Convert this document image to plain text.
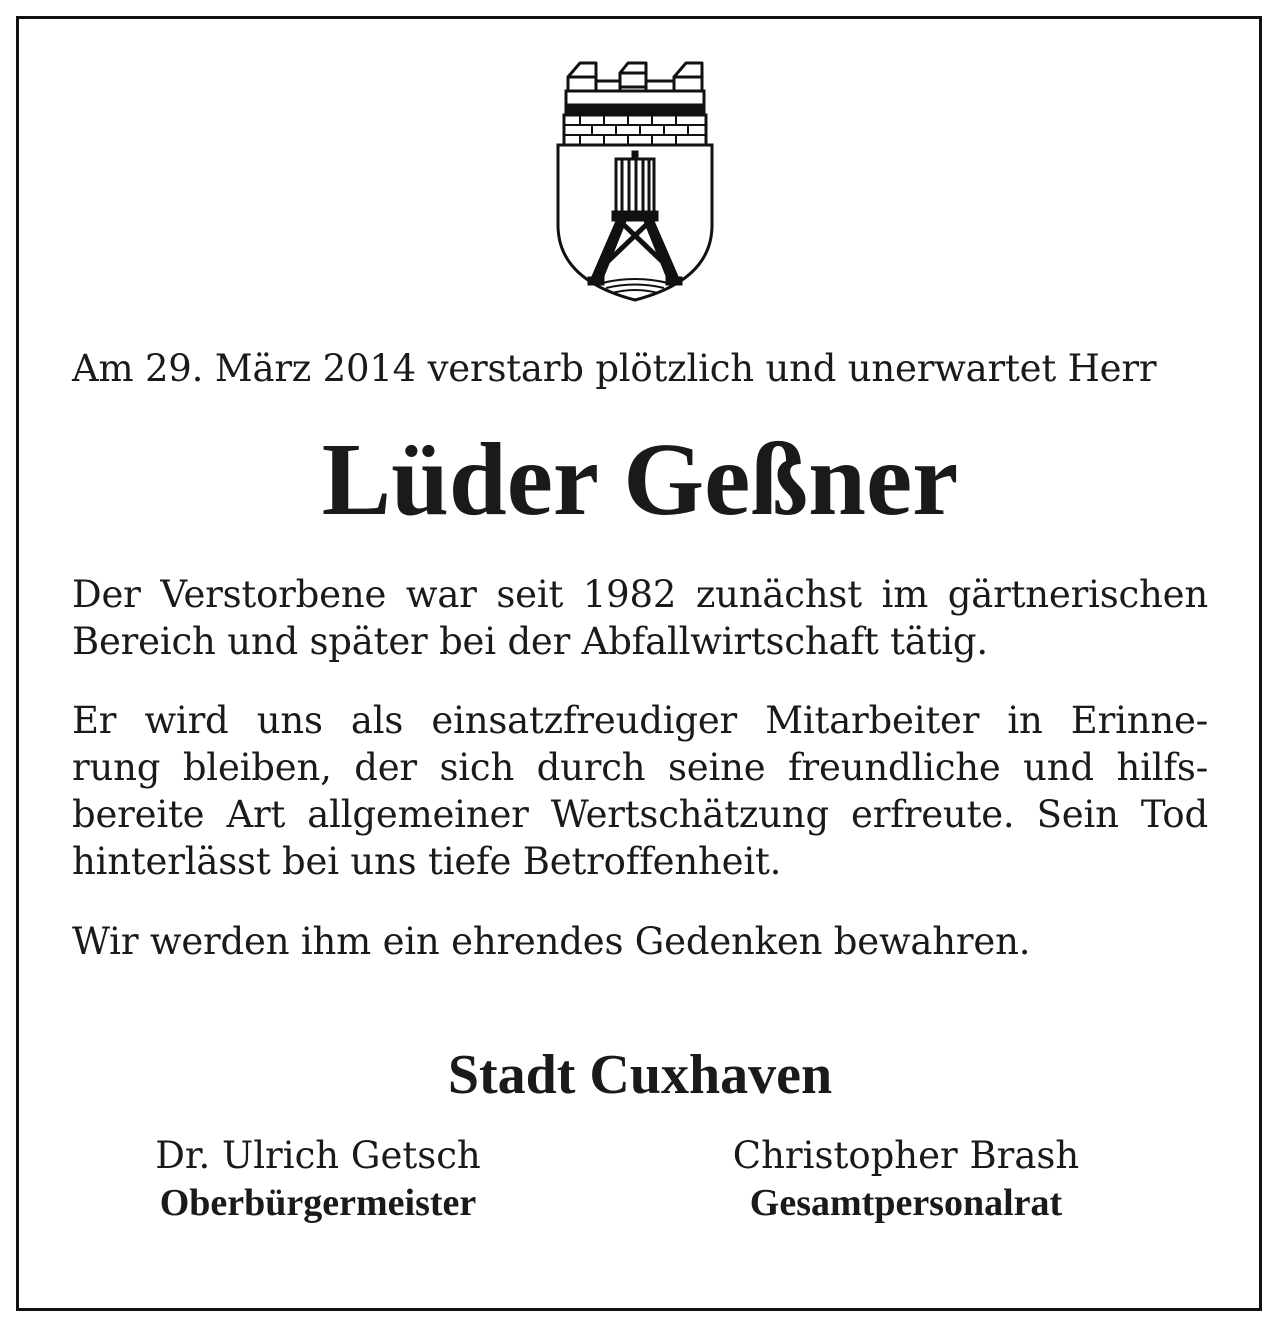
Am 29. März 2014 verstarb plötzlich und unerwartet Herr
Lüder Geßner
Der Verstorbene war seit 1982 zunächst im gärtnerischen
Bereich und später bei der Abfallwirtschaft tätig.
Er wird uns als einsatzfreudiger Mitarbeiter in Erinne-
rung bleiben, der sich durch seine freundliche und hilfs-
bereite Art allgemeiner Wertschätzung erfreute. Sein Tod
hinterlässt bei uns tiefe Betroffenheit.
Wir werden ihm ein ehrendes Gedenken bewahren.
Stadt Cuxhaven
Dr. Ulrich Getsch
Oberbürgermeister
Christopher Brash
Gesamtpersonalrat
